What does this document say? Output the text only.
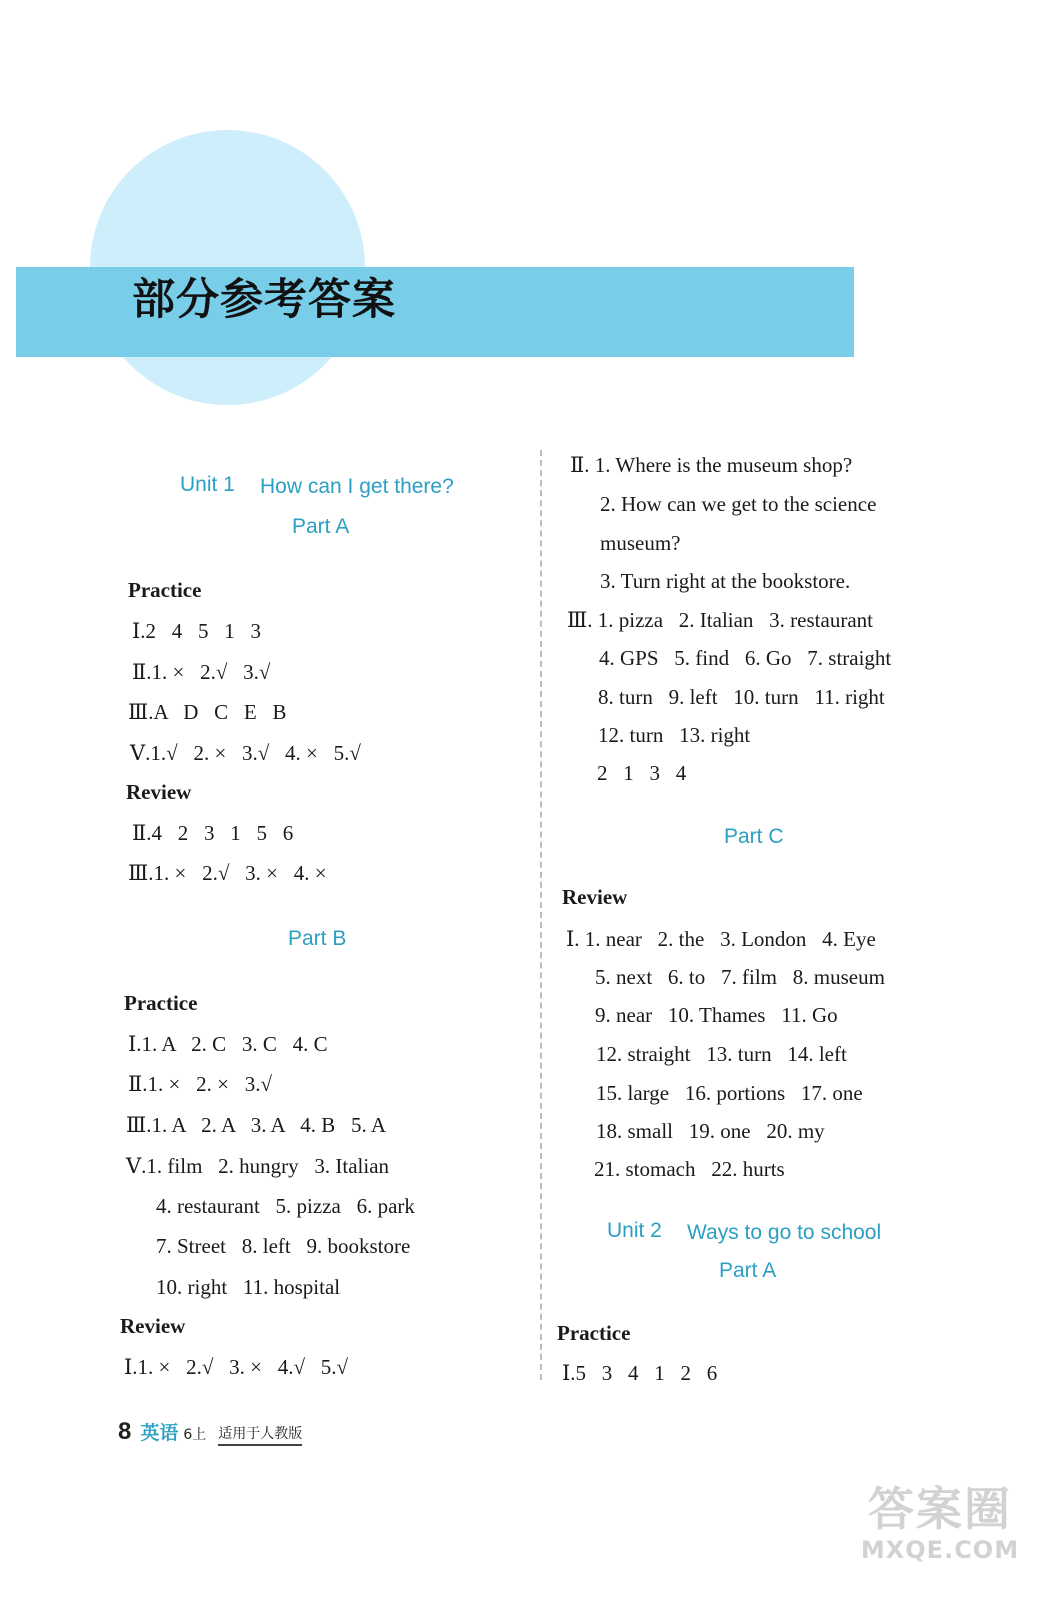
部分参考答案
Unit 1 How can I get there?
Part A
Practice
Ⅰ.2   4   5   1   3
Ⅱ.1. ×   2.√   3.√
Ⅲ.A   D   C   E   B
Ⅴ.1.√   2. ×   3.√   4. ×   5.√
Review
Ⅱ.4   2   3   1   5   6
Ⅲ.1. ×   2.√   3. ×   4. ×
Part B
Practice
Ⅰ.1. A   2. C   3. C   4. C
Ⅱ.1. ×   2. ×   3.√
Ⅲ.1. A   2. A   3. A   4. B   5. A
Ⅴ.1. film   2. hungry   3. Italian
4. restaurant   5. pizza   6. park
7. Street   8. left   9. bookstore
10. right   11. hospital
Review
Ⅰ.1. ×   2.√   3. ×   4.√   5.√
Ⅱ. 1. Where is the museum shop?
2. How can we get to the science
museum?
3. Turn right at the bookstore.
Ⅲ. 1. pizza   2. Italian   3. restaurant
4. GPS   5. find   6. Go   7. straight
8. turn   9. left   10. turn   11. right
12. turn   13. right
2   1   3   4
Part C
Review
Ⅰ. 1. near   2. the   3. London   4. Eye
5. next   6. to   7. film   8. museum
9. near   10. Thames   11. Go
12. straight   13. turn   14. left
15. large   16. portions   17. one
18. small   19. one   20. my
21. stomach   22. hurts
Unit 2 Ways to go to school
Part A
Practice
Ⅰ.5   3   4   1   2   6
8 英语 6上 适用于人教版
答案圈
MXQE.COM
